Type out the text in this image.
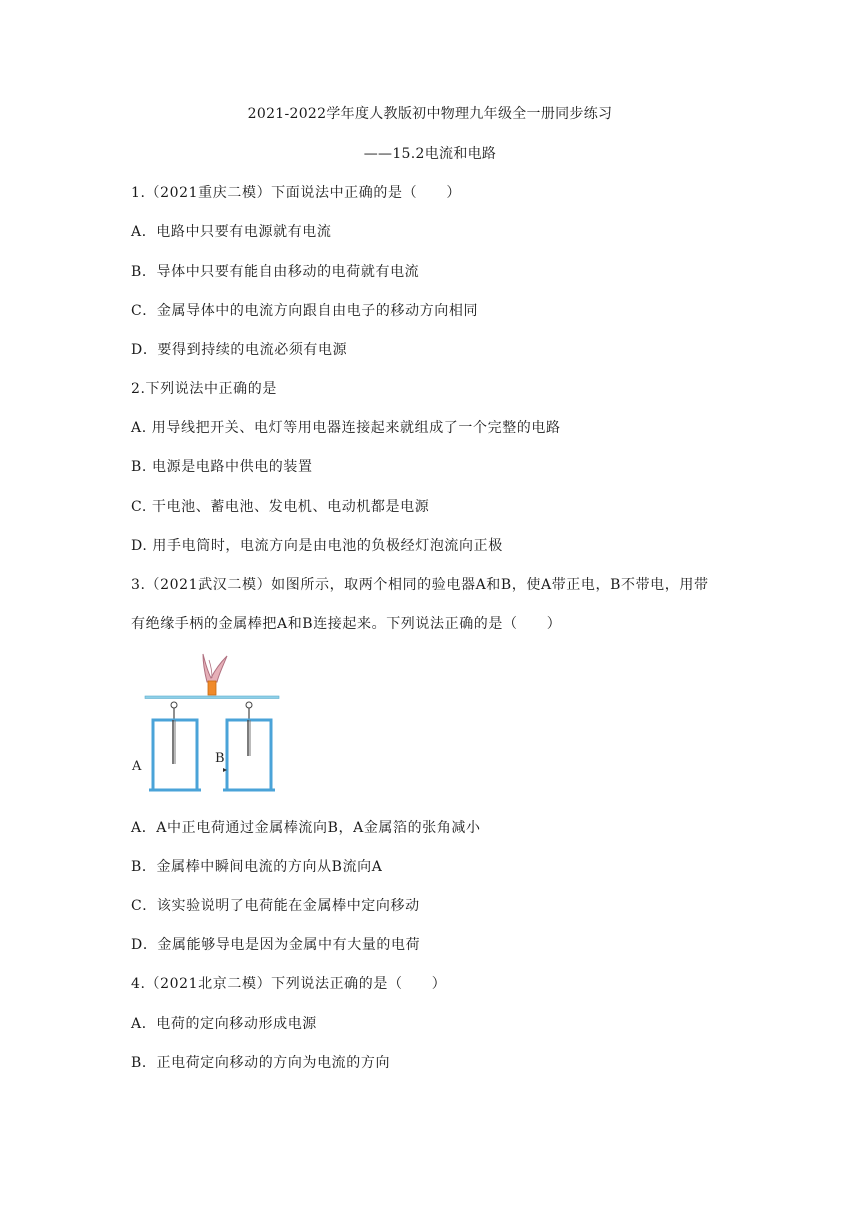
2021-2022学年度人教版初中物理九年级全一册同步练习
——15.2电流和电路
1.（2021重庆二模）下面说法中正确的是（　　）
A．电路中只要有电源就有电流
B．导体中只要有能自由移动的电荷就有电流
C．金属导体中的电流方向跟自由电子的移动方向相同
D．要得到持续的电流必须有电源
2.下列说法中正确的是
A. 用导线把开关、电灯等用电器连接起来就组成了一个完整的电路
B. 电源是电路中供电的装置
C. 干电池、蓄电池、发电机、电动机都是电源
D. 用手电筒时，电流方向是由电池的负极经灯泡流向正极
3.（2021武汉二模）如图所示，取两个相同的验电器A和B，使A带正电，B不带电，用带
有绝缘手柄的金属棒把A和B连接起来。下列说法正确的是（　　）
A
B
A．A中正电荷通过金属棒流向B，A金属箔的张角减小
B．金属棒中瞬间电流的方向从B流向A
C．该实验说明了电荷能在金属棒中定向移动
D．金属能够导电是因为金属中有大量的电荷
4.（2021北京二模）下列说法正确的是（　　）
A．电荷的定向移动形成电源
B．正电荷定向移动的方向为电流的方向
